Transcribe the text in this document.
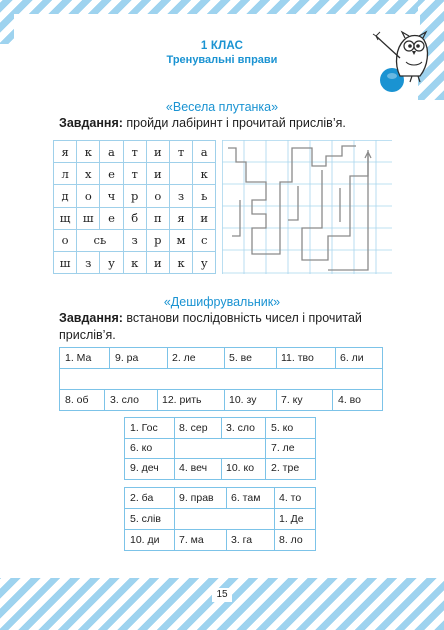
1 КЛАС
Тренувальні вправи
«Весела плутанка»
Завдання: пройди лабіринт і прочитай прислів’я.
я	к	а	т	и	т	а
л	х	е	т	и		к
д	о	ч	р	о	з	ь
щ	ш	е	б	п	я	и
о	сь		з	р	м	с
ш	з	у	к	и	к	у
«Дешифрувальник»
Завдання: встанови послідовність чисел і прочитай
прислів’я.
1. Ма 9. ра	2. ле	5. ве	11. тво 6. ли
8. об 3. сло 12. рить	10. зу 7. ку	4. во
1. Гос 8. сер 3. сло 5. ко
6. ко	7. ле
9. деч 4. веч 10. ко 2. тре
2. ба 9. прав 6. там 4. то
5. слів	1. Де
10. ди 7. ма	3. га	8. ло
15
